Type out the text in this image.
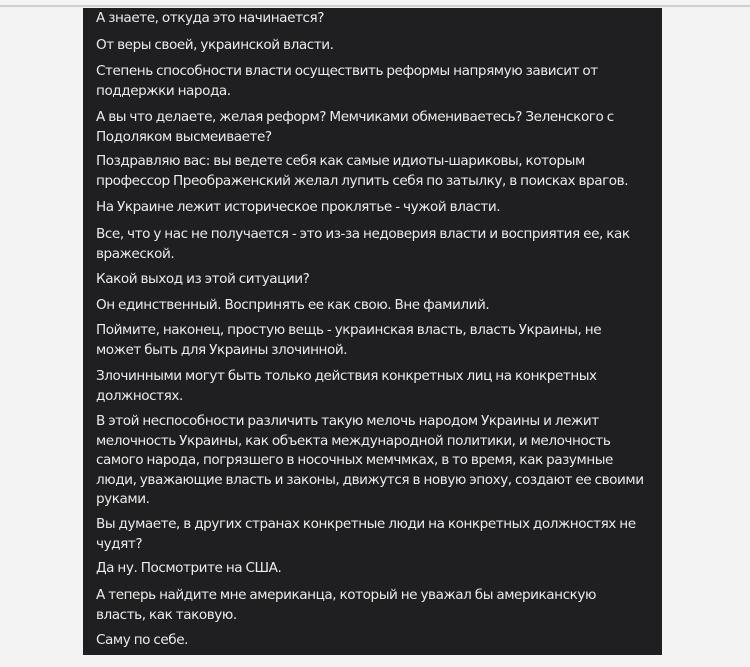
А знаете, откуда это начинается?

От веры своей, украинской власти.

Степень способности власти осуществить реформы напрямую зависит от
поддержки народа.

А вы что делаете, желая реформ? Мемчиками обмениваетесь? Зеленского с
Подоляком высмеиваете?

Поздравляю вас: вы ведете себя как самые идиоты-шариковы, которым
профессор Преображенский желал лупить себя по затылку, в поисках врагов.

На Украине лежит историческое проклятье - чужой власти.

Все, что у нас не получается - это из-за недоверия власти и восприятия ее, как
вражеской.

Какой выход из этой ситуации?

Он единственный. Воспринять ее как свою. Вне фамилий.

Поймите, наконец, простую вещь - украинская власть, власть Украины, не
может быть для Украины злочинной.

Злочинными могут быть только действия конкретных лиц на конкретных
должностях.

В этой неспособности различить такую мелочь народом Украины и лежит
мелочность Украины, как объекта международной политики, и мелочность
самого народа, погрязшего в носочных мемчмках, в то время, как разумные
люди, уважающие власть и законы, движутся в новую эпоху, создают ее своими
руками.

Вы думаете, в других странах конкретные люди на конкретных должностях не
чудят?

Да ну. Посмотрите на США.

А теперь найдите мне американца, который не уважал бы американскую
власть, как таковую.

Саму по себе.
